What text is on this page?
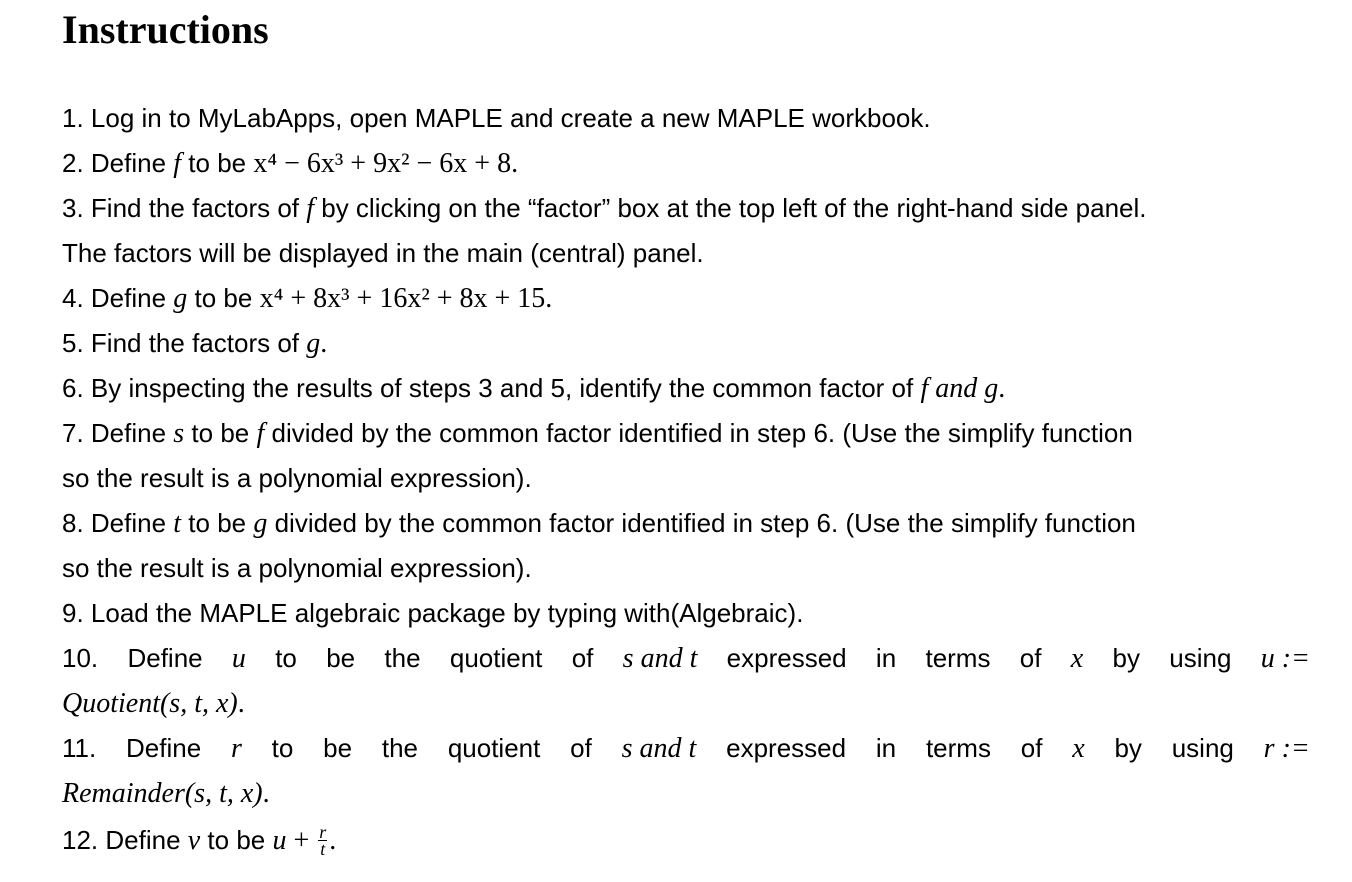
Instructions
1. Log in to MyLabApps, open MAPLE and create a new MAPLE workbook.
2. Define f to be x⁴ − 6x³ + 9x² − 6x + 8.
3. Find the factors of f by clicking on the “factor” box at the top left of the right-hand side panel.
The factors will be displayed in the main (central) panel.
4. Define g to be x⁴ + 8x³ + 16x² + 8x + 15.
5. Find the factors of g.
6. By inspecting the results of steps 3 and 5, identify the common factor of f and g.
7. Define s to be f divided by the common factor identified in step 6. (Use the simplify function
so the result is a polynomial expression).
8. Define t to be g divided by the common factor identified in step 6. (Use the simplify function
so the result is a polynomial expression).
9. Load the MAPLE algebraic package by typing with(Algebraic).
10. Define u to be the quotient of s and t expressed in terms of x by using u :=
Quotient(s, t, x).
11. Define r to be the quotient of s and t expressed in terms of x by using r :=
Remainder(s, t, x).
12. Define v to be $u + \frac{r}{t}$ .
